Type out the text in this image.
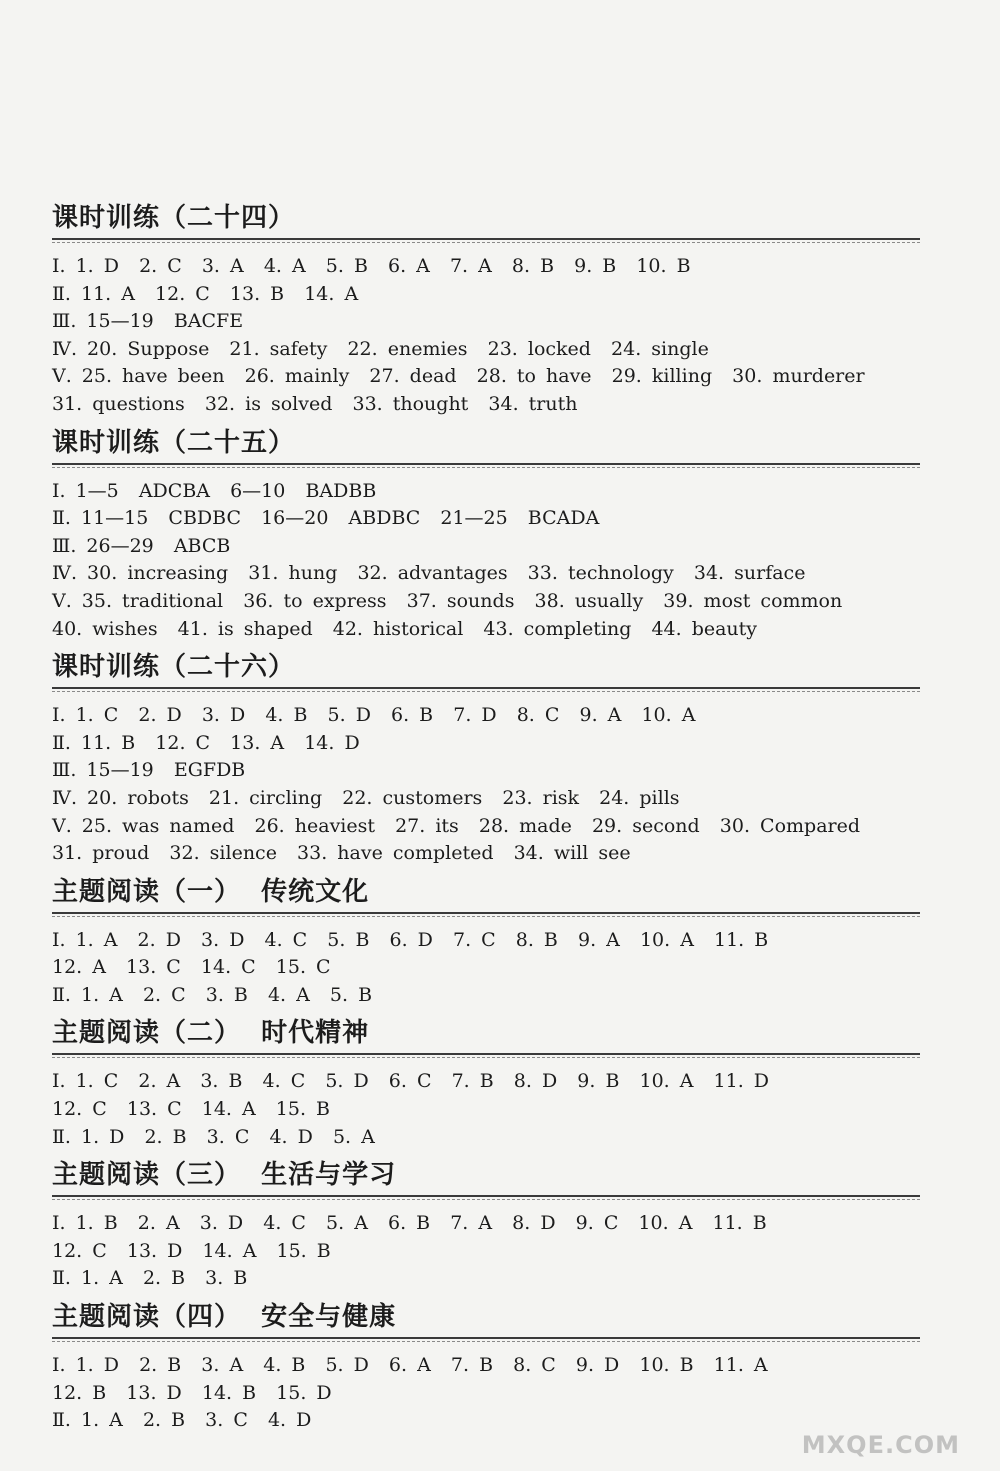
课时训练（二十四）
Ⅰ. 1. D  2. C  3. A  4. A  5. B  6. A  7. A  8. B  9. B  10. B
Ⅱ. 11. A  12. C  13. B  14. A
Ⅲ. 15—19  BACFE
Ⅳ. 20. Suppose  21. safety  22. enemies  23. locked  24. single
Ⅴ. 25. have been  26. mainly  27. dead  28. to have  29. killing  30. murderer
31. questions  32. is solved  33. thought  34. truth
课时训练（二十五）
Ⅰ. 1—5  ADCBA  6—10  BADBB
Ⅱ. 11—15  CBDBC  16—20  ABDBC  21—25  BCADA
Ⅲ. 26—29  ABCB
Ⅳ. 30. increasing  31. hung  32. advantages  33. technology  34. surface
Ⅴ. 35. traditional  36. to express  37. sounds  38. usually  39. most common
40. wishes  41. is shaped  42. historical  43. completing  44. beauty
课时训练（二十六）
Ⅰ. 1. C  2. D  3. D  4. B  5. D  6. B  7. D  8. C  9. A  10. A
Ⅱ. 11. B  12. C  13. A  14. D
Ⅲ. 15—19  EGFDB
Ⅳ. 20. robots  21. circling  22. customers  23. risk  24. pills
Ⅴ. 25. was named  26. heaviest  27. its  28. made  29. second  30. Compared
31. proud  32. silence  33. have completed  34. will see
主题阅读（一）  传统文化
Ⅰ. 1. A  2. D  3. D  4. C  5. B  6. D  7. C  8. B  9. A  10. A  11. B
12. A  13. C  14. C  15. C
Ⅱ. 1. A  2. C  3. B  4. A  5. B
主题阅读（二）  时代精神
Ⅰ. 1. C  2. A  3. B  4. C  5. D  6. C  7. B  8. D  9. B  10. A  11. D
12. C  13. C  14. A  15. B
Ⅱ. 1. D  2. B  3. C  4. D  5. A
主题阅读（三）  生活与学习
Ⅰ. 1. B  2. A  3. D  4. C  5. A  6. B  7. A  8. D  9. C  10. A  11. B
12. C  13. D  14. A  15. B
Ⅱ. 1. A  2. B  3. B
主题阅读（四）  安全与健康
Ⅰ. 1. D  2. B  3. A  4. B  5. D  6. A  7. B  8. C  9. D  10. B  11. A
12. B  13. D  14. B  15. D
Ⅱ. 1. A  2. B  3. C  4. D
MXQE.COM
